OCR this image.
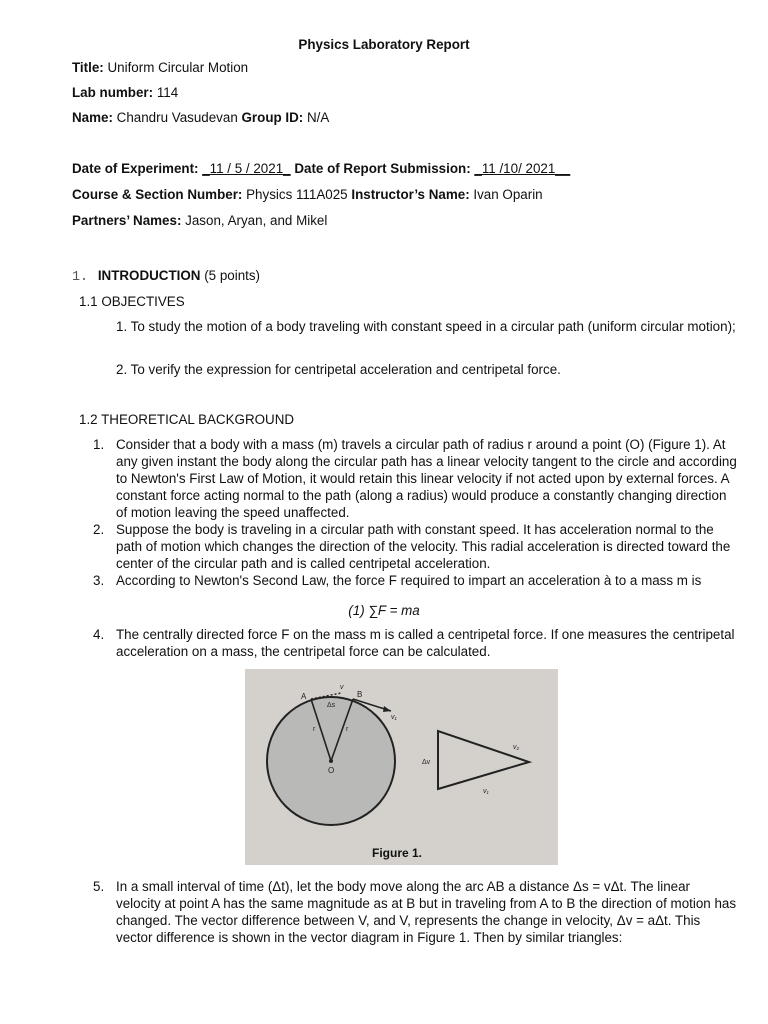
Physics Laboratory Report
Title: Uniform Circular Motion
Lab number: 114
Name: Chandru Vasudevan Group ID: N/A
Date of Experiment: _11 / 5 / 2021_ Date of Report Submission: _11 /10/ 2021__
Course & Section Number: Physics 111A025 Instructor’s Name: Ivan Oparin
Partners’ Names: Jason, Aryan, and Mikel
1. INTRODUCTION (5 points)
1.1 OBJECTIVES
1. To study the motion of a body traveling with constant speed in a circular path (uniform circular motion);
2. To verify the expression for centripetal acceleration and centripetal force.
1.2 THEORETICAL BACKGROUND
1. Consider that a body with a mass (m) travels a circular path of radius r around a point (O) (Figure 1). At any given instant the body along the circular path has a linear velocity tangent to the circle and according to Newton's First Law of Motion, it would retain this linear velocity if not acted upon by external forces. A constant force acting normal to the path (along a radius) would produce a constantly changing direction of motion leaving the speed unaffected.
2. Suppose the body is traveling in a circular path with constant speed. It has acceleration normal to the path of motion which changes the direction of the velocity. This radial acceleration is directed toward the center of the circular path and is called centripetal acceleration.
3. According to Newton's Second Law, the force F required to impart an acceleration à to a mass m is
(1) ∑F = ma
4. The centrally directed force F on the mass m is called a centripetal force. If one measures the centripetal acceleration on a mass, the centripetal force can be calculated.
A	B
Δs
v
v₁
r	r
O
Δv
v₂
v₁
Figure 1.
5. In a small interval of time (Δt), let the body move along the arc AB a distance Δs = vΔt. The linear velocity at point A has the same magnitude as at B but in traveling from A to B the direction of motion has changed. The vector difference between V, and V, represents the change in velocity, Δv = aΔt. This vector difference is shown in the vector diagram in Figure 1. Then by similar triangles:
